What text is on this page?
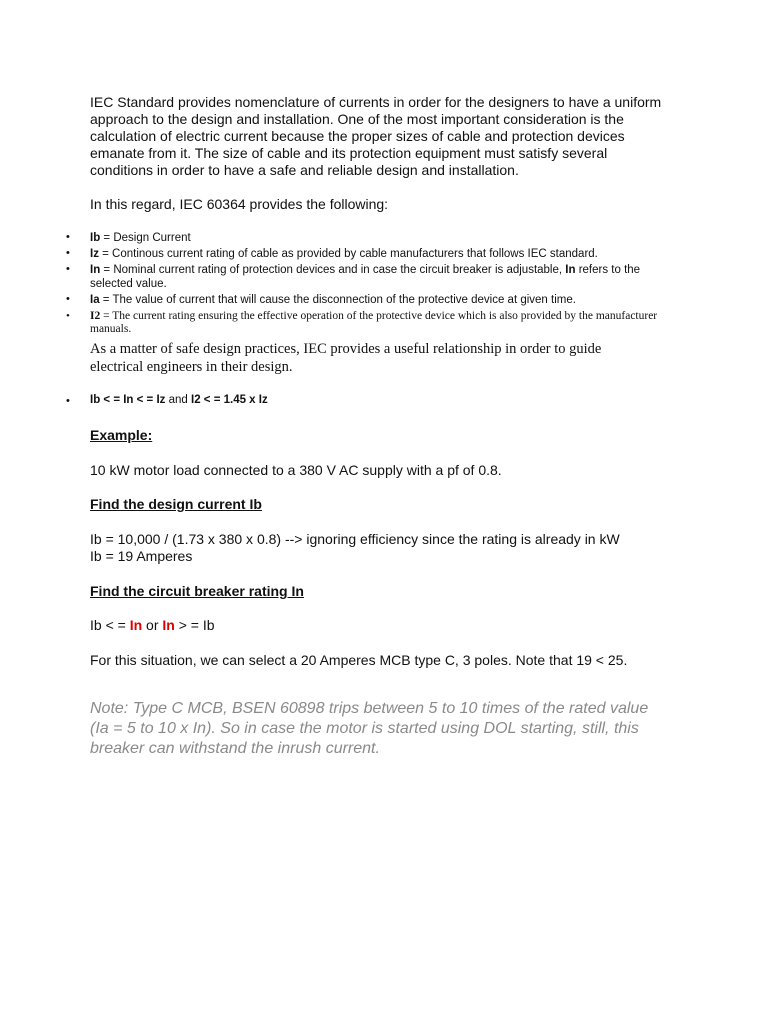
IEC Standard provides nomenclature of currents in order for the designers to have a uniform approach to the design and installation. One of the most important consideration is the calculation of electric current because the proper sizes of cable and protection devices emanate from it. The size of cable and its protection equipment must satisfy several conditions in order to have a safe and reliable design and installation.

In this regard, IEC 60364 provides the following:

• Ib = Design Current
• Iz = Continous current rating of cable as provided by cable manufacturers that follows IEC standard.
• In = Nominal current rating of protection devices and in case the circuit breaker is adjustable, In refers to the selected value.
• Ia = The value of current that will cause the disconnection of the protective device at given time.
• I2 = The current rating ensuring the effective operation of the protective device which is also provided by the manufacturer manuals.

As a matter of safe design practices, IEC provides a useful relationship in order to guide electrical engineers in their design.

• Ib < = In < = Iz and I2 < = 1.45 x Iz

Example:

10 kW motor load connected to a 380 V AC supply with a pf of 0.8.

Find the design current Ib

Ib = 10,000 / (1.73 x 380 x 0.8) --> ignoring efficiency since the rating is already in kW

Ib = 19 Amperes

Find the circuit breaker rating In

Ib < = In or In > = Ib

For this situation, we can select a 20 Amperes MCB type C, 3 poles. Note that 19 < 25.

Note: Type C MCB, BSEN 60898 trips between 5 to 10 times of the rated value (Ia = 5 to 10 x In). So in case the motor is started using DOL starting, still, this breaker can withstand the inrush current.
